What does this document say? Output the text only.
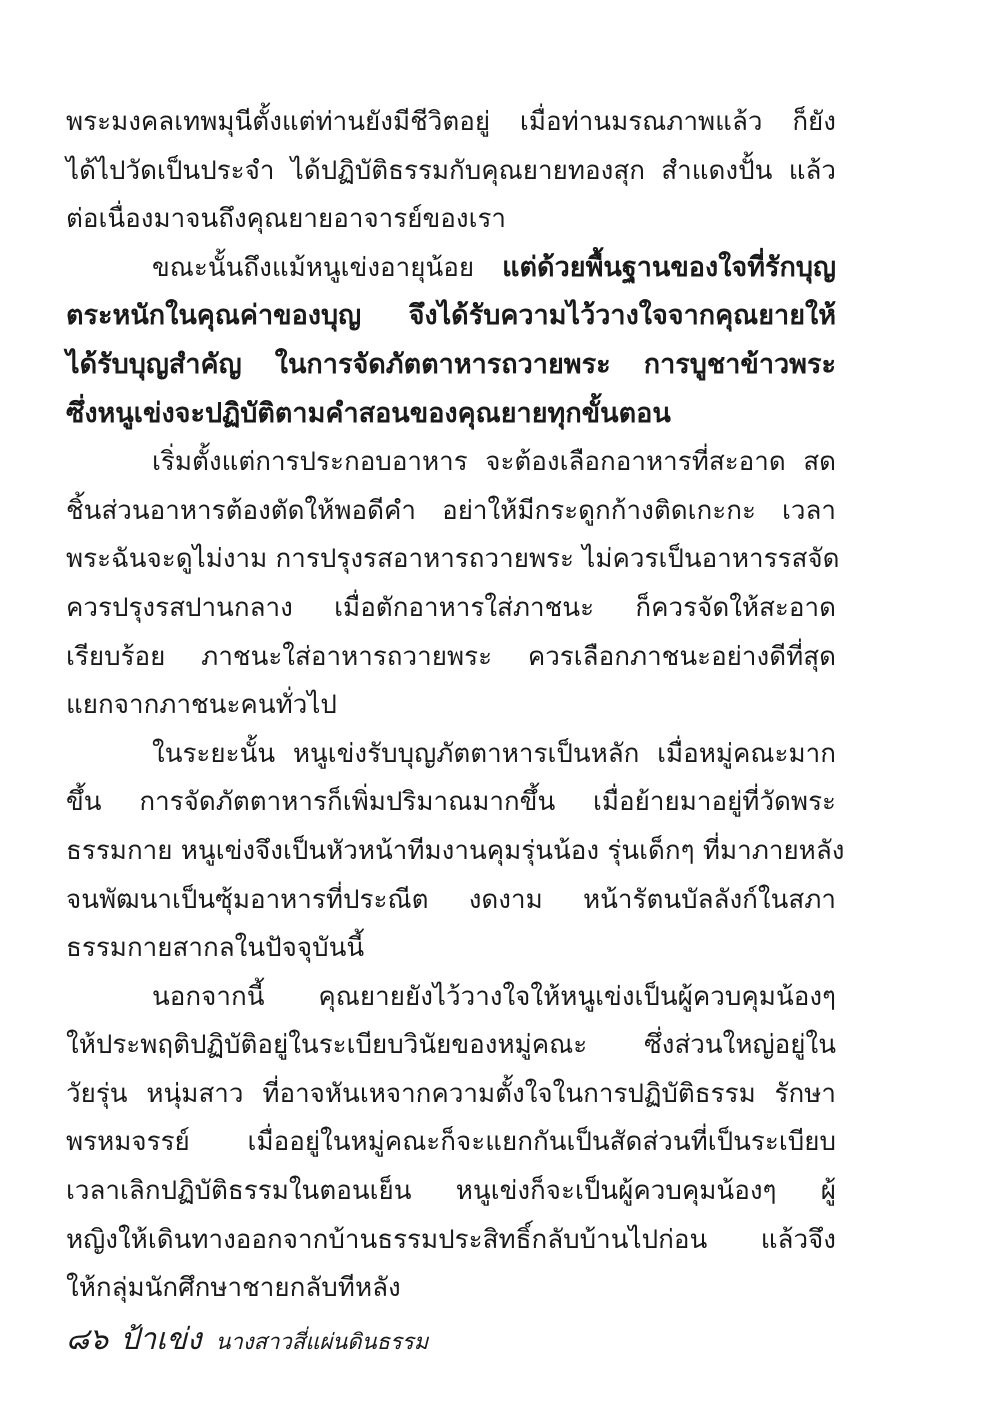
พระมงคลเทพมุนีตั้งแต่ท่านยังมีชีวิตอยู่ เมื่อท่านมรณภาพแล้ว ก็ยัง
ได้ไปวัดเป็นประจำ ได้ปฏิบัติธรรมกับคุณยายทองสุก สำแดงปั้น แล้ว
ต่อเนื่องมาจนถึงคุณยายอาจารย์ของเรา
ขณะนั้นถึงแม้หนูเข่งอายุน้อย แต่ด้วยพื้นฐานของใจที่รักบุญ
ตระหนักในคุณค่าของบุญ จึงได้รับความไว้วางใจจากคุณยายให้
ได้รับบุญสำคัญ ในการจัดภัตตาหารถวายพระ การบูชาข้าวพระ
ซึ่งหนูเข่งจะปฏิบัติตามคำสอนของคุณยายทุกขั้นตอน
เริ่มตั้งแต่การประกอบอาหาร จะต้องเลือกอาหารที่สะอาด สด
ชิ้นส่วนอาหารต้องตัดให้พอดีคำ อย่าให้มีกระดูกก้างติดเกะกะ เวลา
พระฉันจะดูไม่งาม การปรุงรสอาหารถวายพระ ไม่ควรเป็นอาหารรสจัด
ควรปรุงรสปานกลาง เมื่อตักอาหารใส่ภาชนะ ก็ควรจัดให้สะอาด
เรียบร้อย ภาชนะใส่อาหารถวายพระ ควรเลือกภาชนะอย่างดีที่สุด
แยกจากภาชนะคนทั่วไป
ในระยะนั้น หนูเข่งรับบุญภัตตาหารเป็นหลัก เมื่อหมู่คณะมาก
ขึ้น การจัดภัตตาหารก็เพิ่มปริมาณมากขึ้น เมื่อย้ายมาอยู่ที่วัดพระ
ธรรมกาย หนูเข่งจึงเป็นหัวหน้าทีมงานคุมรุ่นน้อง รุ่นเด็กๆ ที่มาภายหลัง
จนพัฒนาเป็นซุ้มอาหารที่ประณีต งดงาม หน้ารัตนบัลลังก์ในสภา
ธรรมกายสากลในปัจจุบันนี้
นอกจากนี้ คุณยายยังไว้วางใจให้หนูเข่งเป็นผู้ควบคุมน้องๆ
ให้ประพฤติปฏิบัติอยู่ในระเบียบวินัยของหมู่คณะ ซึ่งส่วนใหญ่อยู่ใน
วัยรุ่น หนุ่มสาว ที่อาจหันเหจากความตั้งใจในการปฏิบัติธรรม รักษา
พรหมจรรย์ เมื่ออยู่ในหมู่คณะก็จะแยกกันเป็นสัดส่วนที่เป็นระเบียบ
เวลาเลิกปฏิบัติธรรมในตอนเย็น หนูเข่งก็จะเป็นผู้ควบคุมน้องๆ ผู้
หญิงให้เดินทางออกจากบ้านธรรมประสิทธิ์กลับบ้านไปก่อน แล้วจึง
ให้กลุ่มนักศึกษาชายกลับทีหลัง
๘๖ ป้าเข่ง นางสาวสี่แผ่นดินธรรม
